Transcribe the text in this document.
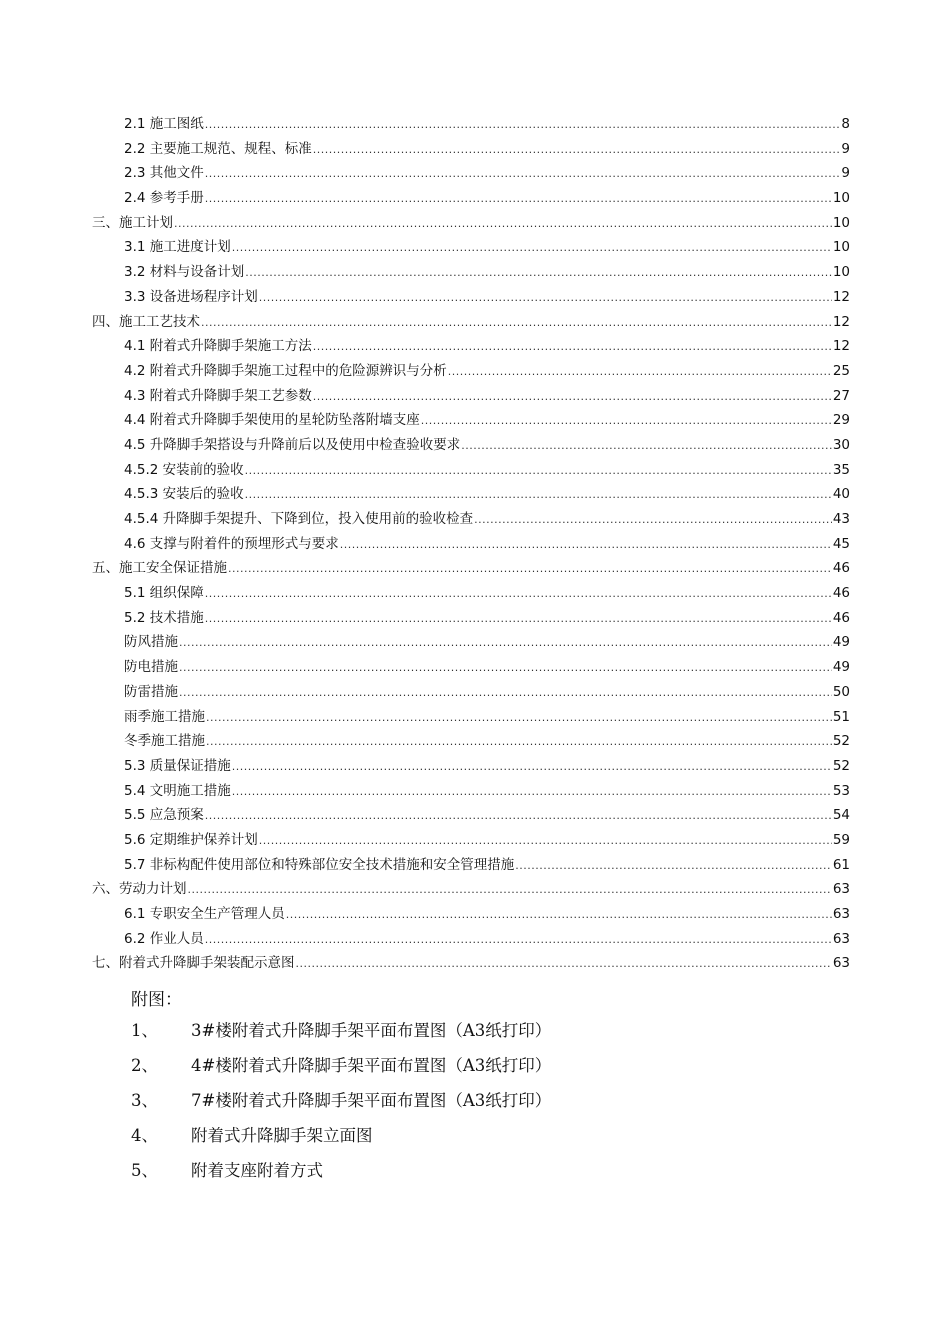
2.1 施工图纸 .....	8
2.2 主要施工规范、规程、标准 .....	9
2.3 其他文件 .....	9
2.4 参考手册 .....	10
三、施工计划 .....	10
3.1 施工进度计划 .....	10
3.2 材料与设备计划 .....	10
3.3 设备进场程序计划 .....	12
四、施工工艺技术 .....	12
4.1 附着式升降脚手架施工方法 .....	12
4.2 附着式升降脚手架施工过程中的危险源辨识与分析 .....	25
4.3 附着式升降脚手架工艺参数 .....	27
4.4 附着式升降脚手架使用的星轮防坠落附墙支座 .....	29
4.5 升降脚手架搭设与升降前后以及使用中检查验收要求 .....	30
4.5.2 安装前的验收 .....	35
4.5.3 安装后的验收 .....	40
4.5.4 升降脚手架提升、下降到位，投入使用前的验收检查 .....	43
4.6 支撑与附着件的预埋形式与要求 .....	45
五、施工安全保证措施 .....	46
5.1 组织保障 .....	46
5.2 技术措施 .....	46
防风措施 .....	49
防电措施 .....	49
防雷措施 .....	50
雨季施工措施 .....	51
冬季施工措施 .....	52
5.3 质量保证措施 .....	52
5.4 文明施工措施 .....	53
5.5 应急预案 .....	54
5.6 定期维护保养计划 .....	59
5.7 非标构配件使用部位和特殊部位安全技术措施和安全管理措施 .....	61
六、劳动力计划 .....	63
6.1 专职安全生产管理人员 .....	63
6.2 作业人员 .....	63
七、附着式升降脚手架装配示意图 .....	63
附图：
1、	3#楼附着式升降脚手架平面布置图（A3纸打印）
2、	4#楼附着式升降脚手架平面布置图（A3纸打印）
3、	7#楼附着式升降脚手架平面布置图（A3纸打印）
4、	附着式升降脚手架立面图
5、	附着支座附着方式
